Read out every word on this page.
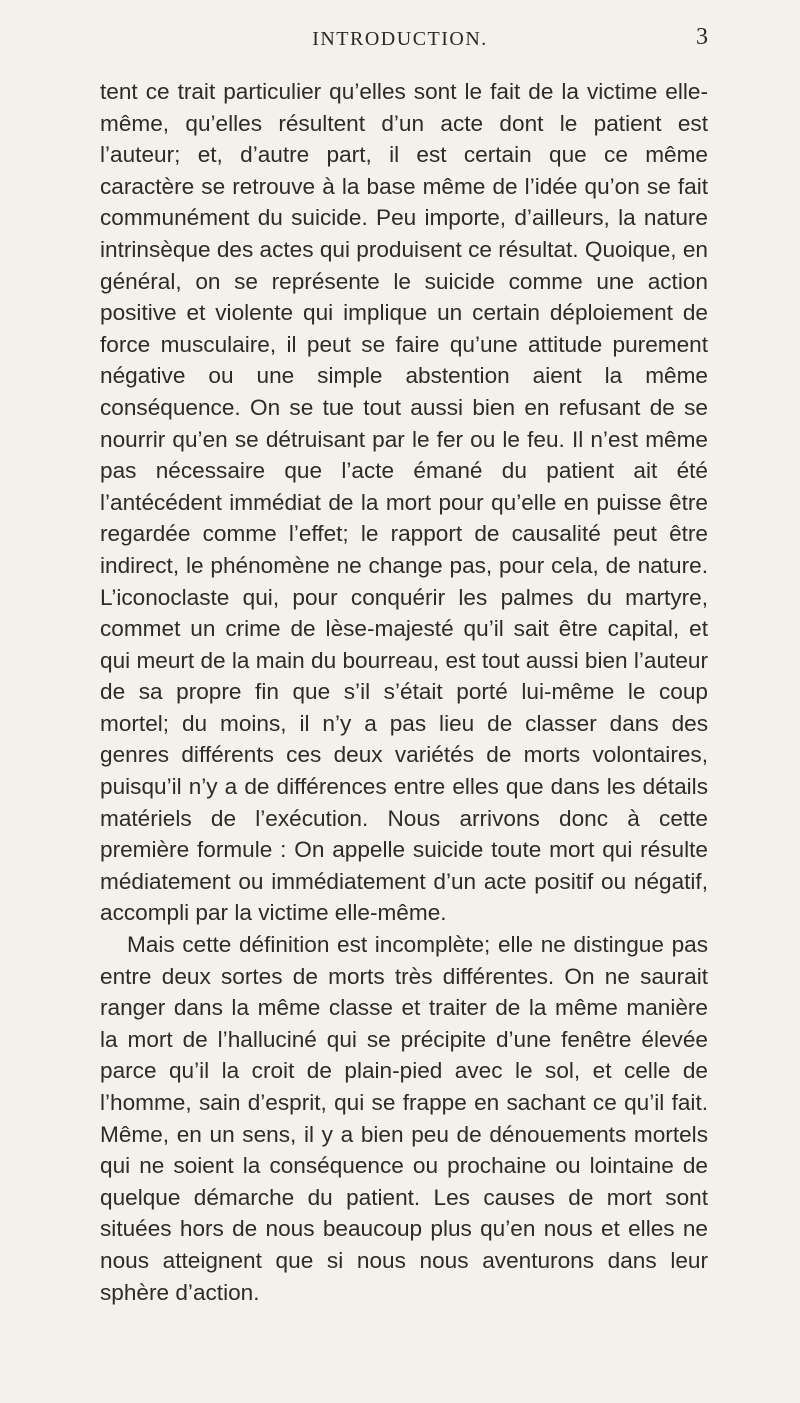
INTRODUCTION.	3

tent ce trait particulier qu’elles sont le fait de la victime elle-même, qu’elles résultent d’un acte dont le patient est l’auteur; et, d’autre part, il est certain que ce même caractère se retrouve à la base même de l’idée qu’on se fait communément du suicide. Peu importe, d’ailleurs, la nature intrinsèque des actes qui produisent ce résultat. Quoique, en général, on se représente le suicide comme une action positive et violente qui implique un certain déploiement de force musculaire, il peut se faire qu’une attitude purement négative ou une simple abstention aient la même conséquence. On se tue tout aussi bien en refusant de se nourrir qu’en se détruisant par le fer ou le feu. Il n’est même pas nécessaire que l’acte émané du patient ait été l’antécédent immédiat de la mort pour qu’elle en puisse être regardée comme l’effet; le rapport de causalité peut être indirect, le phénomène ne change pas, pour cela, de nature. L’iconoclaste qui, pour conquérir les palmes du martyre, commet un crime de lèse-majesté qu’il sait être capital, et qui meurt de la main du bourreau, est tout aussi bien l’auteur de sa propre fin que s’il s’était porté lui-même le coup mortel; du moins, il n’y a pas lieu de classer dans des genres différents ces deux variétés de morts volontaires, puisqu’il n’y a de différences entre elles que dans les détails matériels de l’exécution. Nous arrivons donc à cette première formule : On appelle suicide toute mort qui résulte médiatement ou immédiatement d’un acte positif ou négatif, accompli par la victime elle-même.

Mais cette définition est incomplète; elle ne distingue pas entre deux sortes de morts très différentes. On ne saurait ranger dans la même classe et traiter de la même manière la mort de l’halluciné qui se précipite d’une fenêtre élevée parce qu’il la croit de plain-pied avec le sol, et celle de l’homme, sain d’esprit, qui se frappe en sachant ce qu’il fait. Même, en un sens, il y a bien peu de dénouements mortels qui ne soient la conséquence ou prochaine ou lointaine de quelque démarche du patient. Les causes de mort sont situées hors de nous beaucoup plus qu’en nous et elles ne nous atteignent que si nous nous aventurons dans leur sphère d’action.
